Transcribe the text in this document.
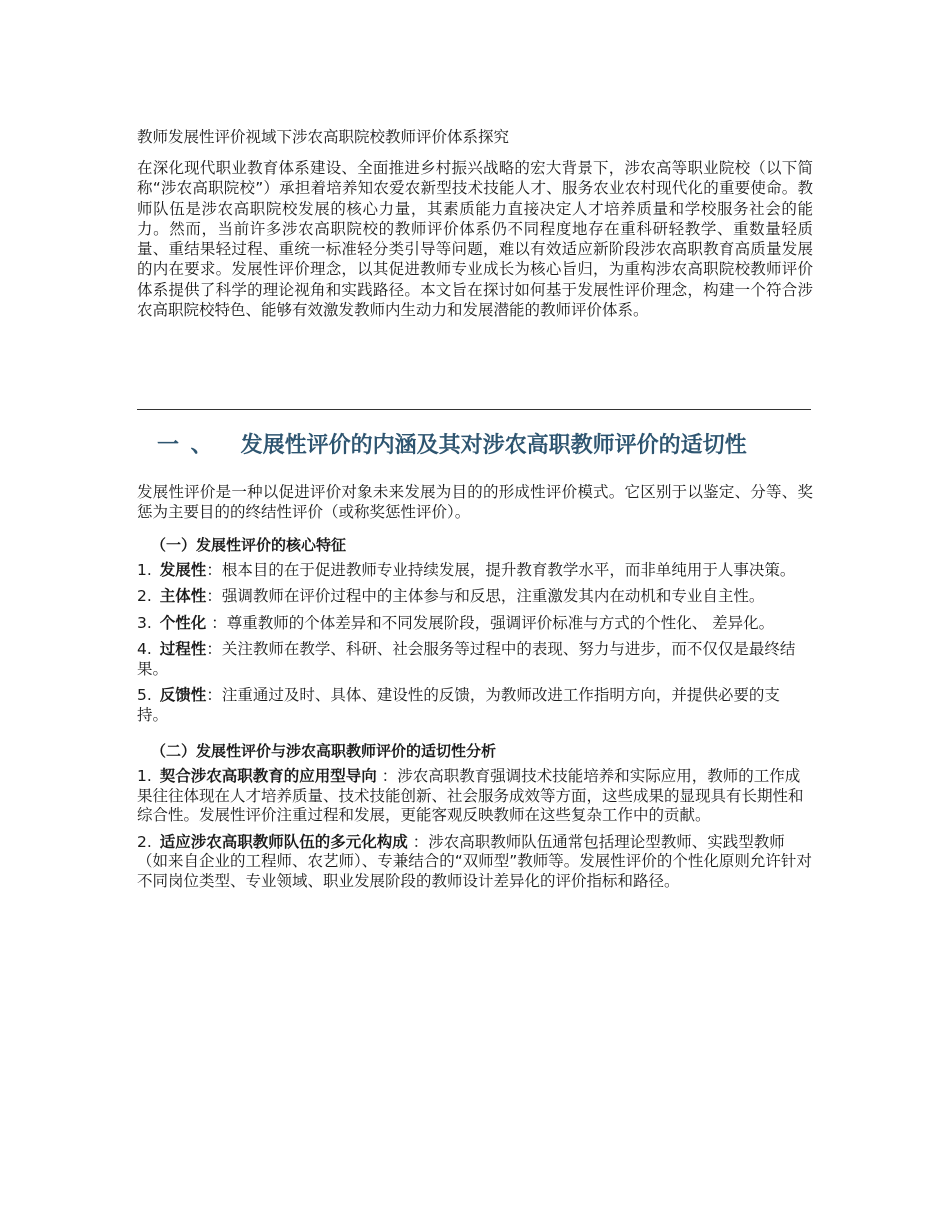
教师发展性评价视域下涉农高职院校教师评价体系探究

在深化现代职业教育体系建设、全面推进乡村振兴战略的宏大背景下，涉农高等职业院校（以下简称“涉农高职院校”）承担着培养知农爱农新型技术技能人才、服务农业农村现代化的重要使命。教师队伍是涉农高职院校发展的核心力量，其素质能力直接决定人才培养质量和学校服务社会的能力。然而，当前许多涉农高职院校的教师评价体系仍不同程度地存在重科研轻教学、重数量轻质量、重结果轻过程、重统一标准轻分类引导等问题，难以有效适应新阶段涉农高职教育高质量发展的内在要求。发展性评价理念，以其促进教师专业成长为核心旨归，为重构涉农高职院校教师评价体系提供了科学的理论视角和实践路径。本文旨在探讨如何基于发展性评价理念，构建一个符合涉农高职院校特色、能够有效激发教师内生动力和发展潜能的教师评价体系。

一 、 发展性评价的内涵及其对涉农高职教师评价的适切性

发展性评价是一种以促进评价对象未来发展为目的的形成性评价模式。它区别于以鉴定、分等、奖惩为主要目的的终结性评价（或称奖惩性评价）。

（一）发展性评价的核心特征
1. 发展性：根本目的在于促进教师专业持续发展，提升教育教学水平，而非单纯用于人事决策。
2. 主体性：强调教师在评价过程中的主体参与和反思，注重激发其内在动机和专业自主性。
3. 个性化 ：尊重教师的个体差异和不同发展阶段，强调评价标准与方式的个性化、 差异化。
4. 过程性：关注教师在教学、科研、社会服务等过程中的表现、努力与进步，而不仅仅是最终结果。
5. 反馈性：注重通过及时、具体、建设性的反馈，为教师改进工作指明方向，并提供必要的支持。
（二）发展性评价与涉农高职教师评价的适切性分析
1. 契合涉农高职教育的应用型导向 ：涉农高职教育强调技术技能培养和实际应用，教师的工作成果往往体现在人才培养质量、技术技能创新、社会服务成效等方面，这些成果的显现具有长期性和综合性。发展性评价注重过程和发展，更能客观反映教师在这些复杂工作中的贡献。
2. 适应涉农高职教师队伍的多元化构成 ：涉农高职教师队伍通常包括理论型教师、实践型教师（如来自企业的工程师、农艺师）、专兼结合的“双师型”教师等。发展性评价的个性化原则允许针对不同岗位类型、专业领域、职业发展阶段的教师设计差异化的评价指标和路径。
